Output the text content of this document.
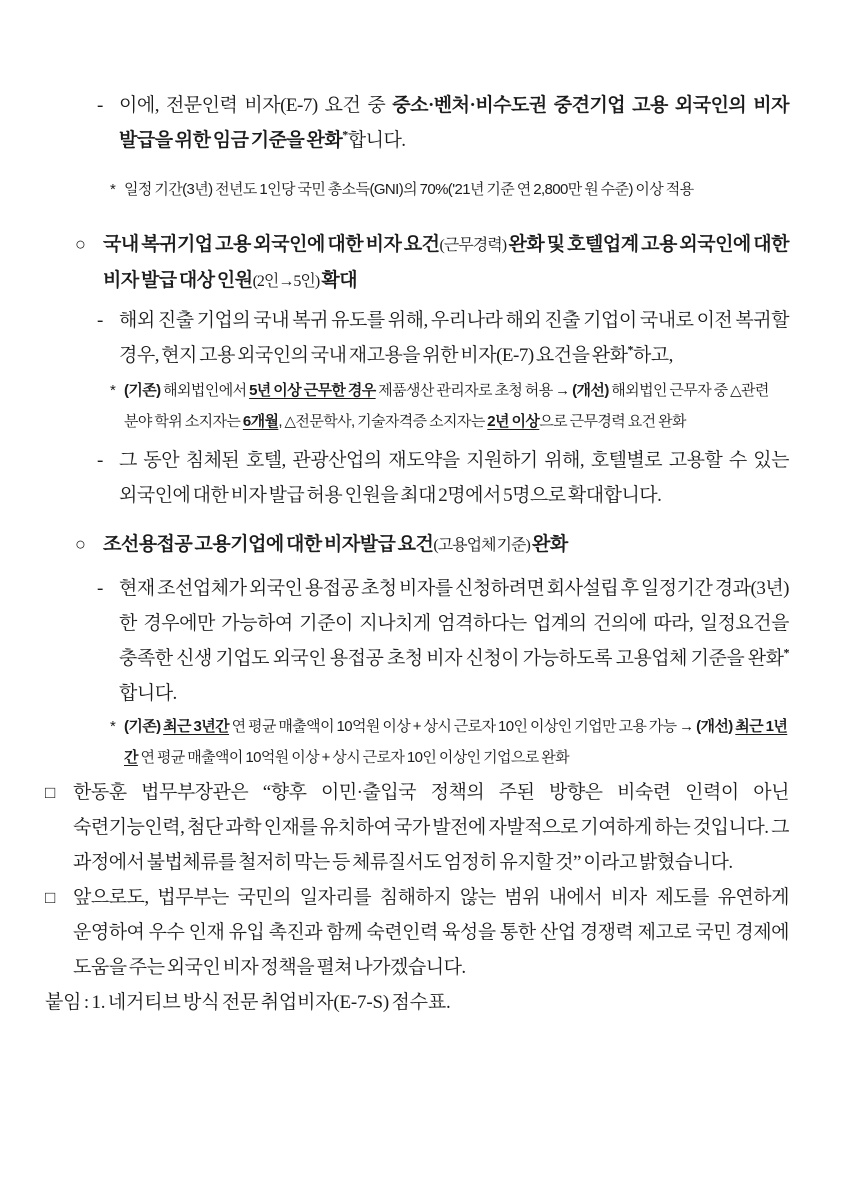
- 이에, 전문인력 비자(E-7) 요건 중 중소·벤처·비수도권 중견기업 고용 외국인의 비자 발급을 위한 임금 기준을 완화*합니다.

* 일정 기간(3년) 전년도 1인당 국민 총소득(GNI)의 70%('21년 기준 연 2,800만 원 수준) 이상 적용

○ 국내 복귀기업 고용 외국인에 대한 비자 요건(근무경력) 완화 및 호텔업계 고용 외국인에 대한 비자 발급 대상 인원(2인→5인) 확대

- 해외 진출 기업의 국내 복귀 유도를 위해, 우리나라 해외 진출 기업이 국내로 이전 복귀할 경우, 현지 고용 외국인의 국내 재고용을 위한 비자(E-7) 요건을 완화*하고,

* (기존) 해외법인에서 5년 이상 근무한 경우 제품생산 관리자로 초청 허용 → (개선) 해외법인 근무자 중 △관련 분야 학위 소지자는 6개월, △전문학사, 기술자격증 소지자는 2년 이상으로 근무경력 요건 완화

- 그 동안 침체된 호텔, 관광산업의 재도약을 지원하기 위해, 호텔별로 고용할 수 있는 외국인에 대한 비자 발급 허용 인원을 최대 2명에서 5명으로 확대합니다.

○ 조선용접공 고용기업에 대한 비자발급 요건(고용업체 기준) 완화

- 현재 조선업체가 외국인 용접공 초청 비자를 신청하려면 회사설립 후 일정기간 경과(3년)한 경우에만 가능하여 기준이 지나치게 엄격하다는 업계의 건의에 따라, 일정요건을 충족한 신생 기업도 외국인 용접공 초청 비자 신청이 가능하도록 고용업체 기준을 완화*합니다.

* (기존) 최근 3년간 연 평균 매출액이 10억원 이상 + 상시 근로자 10인 이상인 기업만 고용 가능 → (개선) 최근 1년 간 연 평균 매출액이 10억원 이상 + 상시 근로자 10인 이상인 기업으로 완화

□ 한동훈 법무부장관은 “향후 이민·출입국 정책의 주된 방향은 비숙련 인력이 아닌 숙련기능인력, 첨단 과학 인재를 유치하여 국가 발전에 자발적으로 기여하게 하는 것입니다. 그 과정에서 불법체류를 철저히 막는 등 체류질서도 엄정히 유지할 것” 이라고 밝혔습니다.

□ 앞으로도, 법무부는 국민의 일자리를 침해하지 않는 범위 내에서 비자 제도를 유연하게 운영하여 우수 인재 유입 촉진과 함께 숙련인력 육성을 통한 산업 경쟁력 제고로 국민 경제에 도움을 주는 외국인 비자 정책을 펼쳐 나가겠습니다.

붙임 : 1. 네거티브 방식 전문 취업비자(E-7-S) 점수표.
